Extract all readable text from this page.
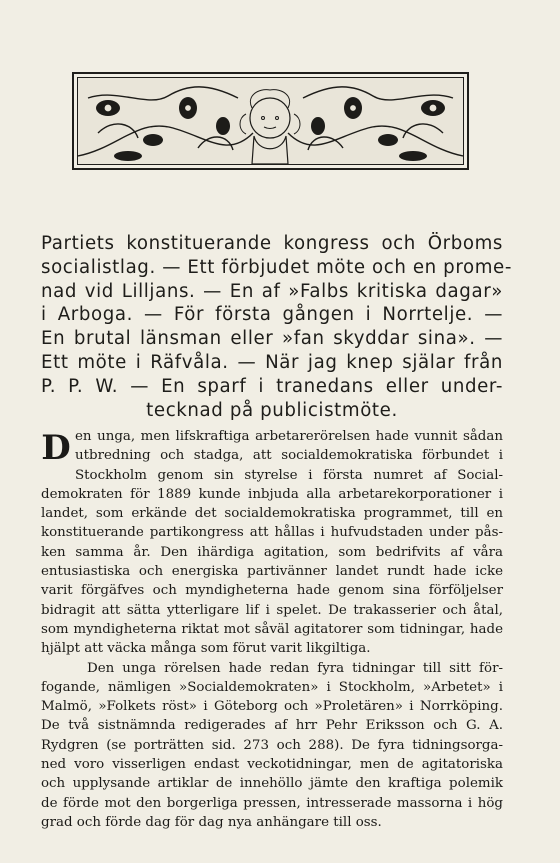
Partiets konstituerande kongress och Örboms
socialistlag. — Ett förbjudet möte och en prome-
nad vid Lilljans. — En af »Falbs kritiska dagar»
i Arboga. — För första gången i Norrtelje. —
En brutal länsman eller »fan skyddar sina». —
Ett möte i Räfvåla. — När jag knep själar från
P. P. W. — En sparf i tranedans eller under-
tecknad på publicistmöte.
D en unga, men lifskraftiga arbetarerörelsen hade vunnit sådan
utbredning och stadga, att socialdemokratiska förbundet i
Stockholm genom sin styrelse i första numret af Social-
demokraten för 1889 kunde inbjuda alla arbetarekorporationer i
landet, som erkände det socialdemokratiska programmet, till en
konstituerande partikongress att hållas i hufvudstaden under pås-
ken samma år. Den ihärdiga agitation, som bedrifvits af våra
entusiastiska och energiska partivänner landet rundt hade icke
varit förgäfves och myndigheterna hade genom sina förföljelser
bidragit att sätta ytterligare lif i spelet. De trakasserier och åtal,
som myndigheterna riktat mot såväl agitatorer som tidningar, hade
hjälpt att väcka många som förut varit likgiltiga.
Den unga rörelsen hade redan fyra tidningar till sitt för-
fogande, nämligen »Socialdemokraten» i Stockholm, »Arbetet» i
Malmö, »Folkets röst» i Göteborg och »Proletären» i Norrköping.
De två sistnämnda redigerades af hrr Pehr Eriksson och G. A.
Rydgren (se porträtten sid. 273 och 288). De fyra tidningsorga-
ned voro visserligen endast veckotidningar, men de agitatoriska
och upplysande artiklar de innehöllo jämte den kraftiga polemik
de förde mot den borgerliga pressen, intresserade massorna i hög
grad och förde dag för dag nya anhängare till oss.
